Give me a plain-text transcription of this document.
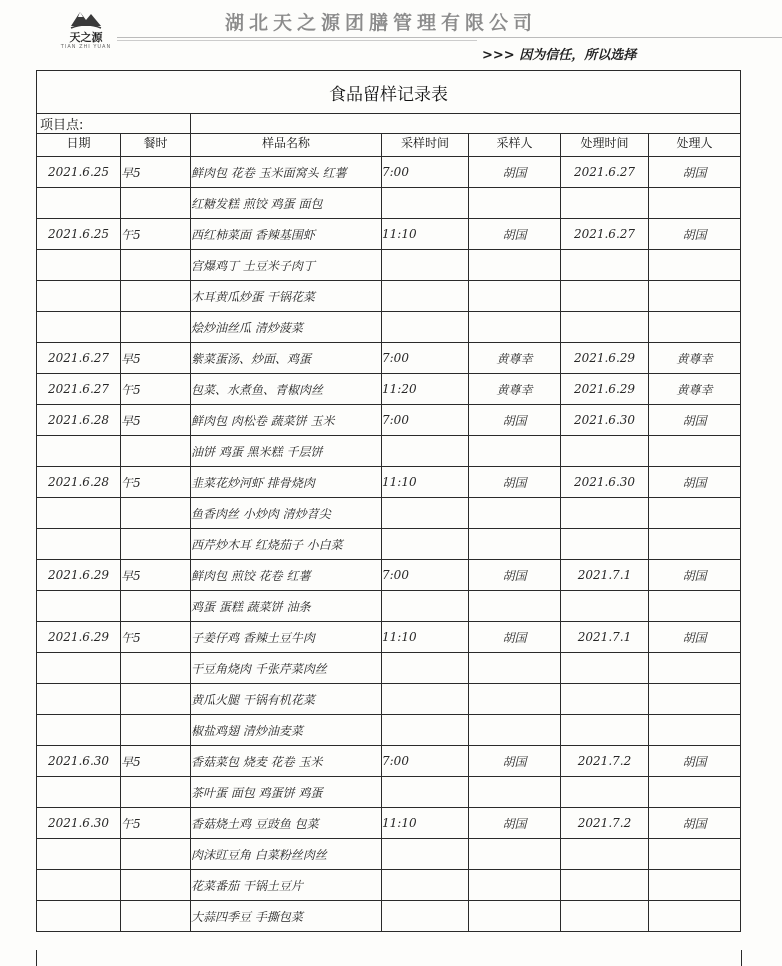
天之源
TIAN ZHI YUAN
湖北天之源团膳管理有限公司
>>> 因为信任，所以选择
食品留样记录表						
项目点:						
日期	餐时	样品名称	采样时间	采样人	处理时间	处理人
2021.6.25	早5	鲜肉包 花卷 玉米面窝头 红薯	7:00	胡国	2021.6.27	胡国
		红糖发糕 煎饺 鸡蛋 面包				
2021.6.25	午5	西红柿菜面 香辣基围虾	11:10	胡国	2021.6.27	胡国
		宫爆鸡丁 土豆米子肉丁				
		木耳黄瓜炒蛋 干锅花菜				
		烩炒油丝瓜 清炒菠菜				
2021.6.27	早5	紫菜蛋汤、炒面、鸡蛋	7:00	黄尊幸	2021.6.29	黄尊幸
2021.6.27	午5	包菜、水煮鱼、青椒肉丝	11:20	黄尊幸	2021.6.29	黄尊幸
2021.6.28	早5	鲜肉包 肉松卷 蔬菜饼 玉米	7:00	胡国	2021.6.30	胡国
		油饼 鸡蛋 黑米糕 千层饼				
2021.6.28	午5	韭菜花炒河虾 排骨烧肉	11:10	胡国	2021.6.30	胡国
		鱼香肉丝 小炒肉 清炒苕尖				
		西芹炒木耳 红烧茄子 小白菜				
2021.6.29	早5	鲜肉包 煎饺 花卷 红薯	7:00	胡国	2021.7.1	胡国
		鸡蛋 蛋糕 蔬菜饼 油条				
2021.6.29	午5	子姜仔鸡 香辣土豆牛肉	11:10	胡国	2021.7.1	胡国
		干豆角烧肉 千张芹菜肉丝				
		黄瓜火腿 干锅有机花菜				
		椒盐鸡翅 清炒油麦菜				
2021.6.30	早5	香菇菜包 烧麦 花卷 玉米	7:00	胡国	2021.7.2	胡国
		茶叶蛋 面包 鸡蛋饼 鸡蛋				
2021.6.30	午5	香菇烧土鸡 豆豉鱼 包菜	11:10	胡国	2021.7.2	胡国
		肉沫豇豆角 白菜粉丝肉丝				
		花菜番茄 干锅土豆片				
		大蒜四季豆 手撕包菜				
